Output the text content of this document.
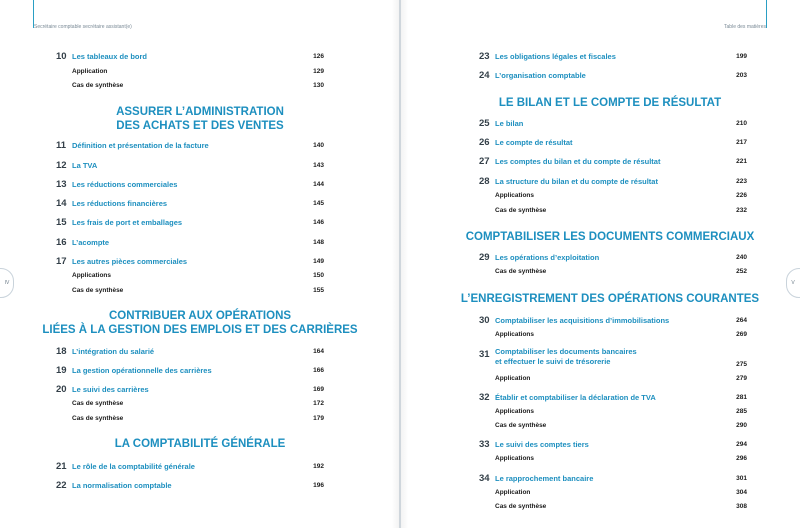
Secrétaire comptable secrétaire assistant(e)
IV
10 Les tableaux de bord	126
Application	129
Cas de synthèse	130
ASSURER L’ADMINISTRATION
DES ACHATS ET DES VENTES
11 Définition et présentation de la facture	140
12 La TVA	143
13 Les réductions commerciales	144
14 Les réductions financières	145
15 Les frais de port et emballages	146
16 L’acompte	148
17 Les autres pièces commerciales	149
Applications	150
Cas de synthèse	155
CONTRIBUER AUX OPÉRATIONS
LIÉES À LA GESTION DES EMPLOIS ET DES CARRIÈRES
18 L’intégration du salarié	164
19 La gestion opérationnelle des carrières	166
20 Le suivi des carrières	169
Cas de synthèse	172
Cas de synthèse	179
LA COMPTABILITÉ GÉNÉRALE
21 Le rôle de la comptabilité générale	192
22 La normalisation comptable	196
Table des matières
V
23 Les obligations légales et fiscales	199
24 L’organisation comptable	203
LE BILAN ET LE COMPTE DE RÉSULTAT
25 Le bilan	210
26 Le compte de résultat	217
27 Les comptes du bilan et du compte de résultat	221
28 La structure du bilan et du compte de résultat	223
Applications	226
Cas de synthèse	232
COMPTABILISER LES DOCUMENTS COMMERCIAUX
29 Les opérations d’exploitation	240
Cas de synthèse	252
L’ENREGISTREMENT DES OPÉRATIONS COURANTES
30 Comptabiliser les acquisitions d’immobilisations	264
Applications	269
31 Comptabiliser les documents bancaires
et effectuer le suivi de trésorerie	275
Application	279
32 Établir et comptabiliser la déclaration de TVA	281
Applications	285
Cas de synthèse	290
33 Le suivi des comptes tiers	294
Applications	296
34 Le rapprochement bancaire	301
Application	304
Cas de synthèse	308
